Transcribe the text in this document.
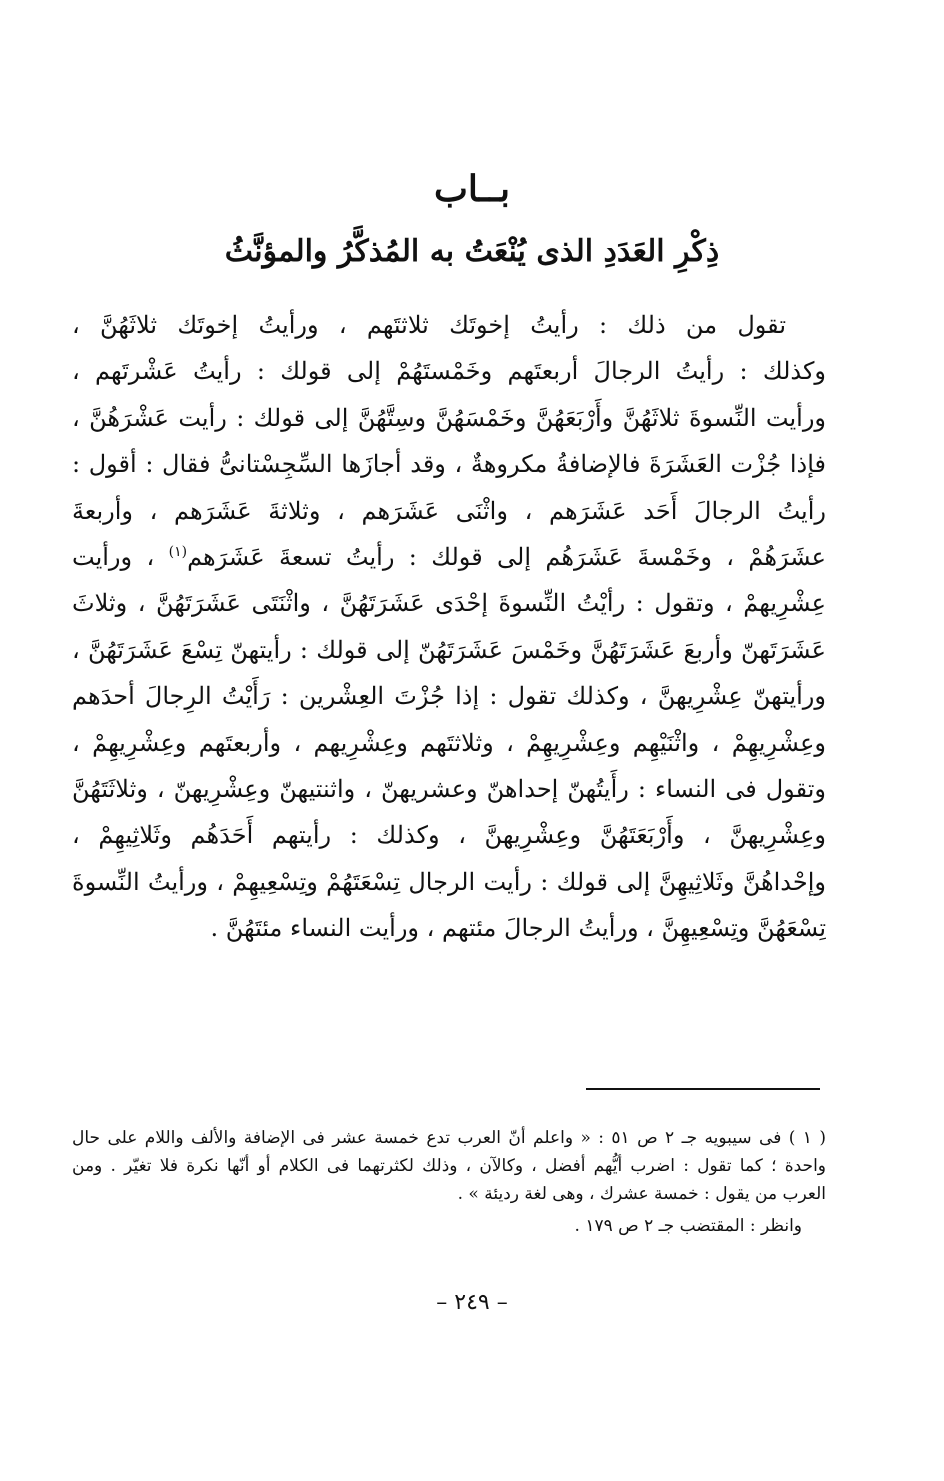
بــاب
ذِكْرِ العَدَدِ الذى يُنْعَتُ به المُذكَّرُ والمؤنَّثُ
تقول من ذلك : رأيتُ إخوتَك ثلاثتَهم ، ورأيتُ إخوتَك ثلاثَهُنَّ ،
وكذلك : رأيتُ الرجالَ أربعتَهم وخَمْستَهُمْ إلى قولك : رأيتُ عَشْرتَهم ،
ورأيت النِّسوةَ ثلاثَهُنَّ وأَرْبَعَهُنَّ وخَمْسَهُنَّ وسِتَّهُنَّ إلى قولك : رأيت عَشْرَهُنَّ ،
فإذا جُزْت العَشَرَةَ فالإضافةُ مكروهةٌ ، وقد أجازَها السِّجِسْتانىُّ فقال : أقول :
رأيتُ الرجالَ أَحَد عَشَرَهم ، واثْنَى عَشَرَهم ، وثلاثةَ عَشَرَهم ، وأربعةَ
عشَرَهُمْ ، وخَمْسةَ عَشَرَهُم إلى قولك : رأيتُ تسعةَ عَشَرَهم$^{(١)}$ ، ورأيت
عِشْرِيهمْ ، وتقول : رأيْتُ النِّسوةَ إحْدَى عَشَرَتَهُنَّ ، واثْنَتَى عَشَرَتَهُنَّ ، وثلاثَ
عَشَرَتَهنّ وأربعَ عَشَرَتَهُنَّ وخَمْسَ عَشَرَتَهُنّ إلى قولك : رأيتهنّ تِسْعَ عَشَرَتَهُنَّ ،
ورأيتهنّ عِشْرِيهنَّ ، وكذلك تقول : إذا جُزْتَ العِشْرين : رَأَيْتُ الرِجالَ أحدَهم
وعِشْرِيهِمْ ، واثْنَيْهِم وعِشْرِيهِمْ ، وثلاثتَهم وعِشْرِيهم ، وأربعتَهم وعِشْرِيهِمْ ،
وتقول فى النساء : رأَيتُهنّ إحداهنّ وعشريهنّ ، واثنتيهنّ وعِشْرِيهنّ ، وثلاثَتَهُنَّ
وعِشْرِيهنَّ ، وأَرْبَعَتَهُنَّ وعِشْرِيهنَّ ، وكذلك : رأيتهم أَحَدَهُم وثَلاثِيهِمْ ،
وإحْداهُنَّ وثَلاثِيهِنَّ إلى قولك : رأيت الرجال تِسْعَتَهُمْ وتِسْعِيهِمْ ، ورأيتُ النِّسوةَ
تِسْعَهُنَّ وتِسْعِيهِنَّ ، ورأيتُ الرجالَ مئتهم ، ورأيت النساء مئتَهُنَّ .
( ١ ) فى سيبويه جـ ٢ ص ٥١ : « واعلم أنّ العرب تدع خمسة عشر فى الإضافة والألف واللام على حال
واحدة ؛ كما تقول : اضرب أيُّهم أفضل ، وكالآن ، وذلك لكثرتهما فى الكلام أو أنّها نكرة فلا تغيّر . ومن
العرب من يقول : خمسة عشرك ، وهى لغة رديئة » .
وانظر : المقتضب جـ ٢ ص ١٧٩ .
– ٢٤٩ –
